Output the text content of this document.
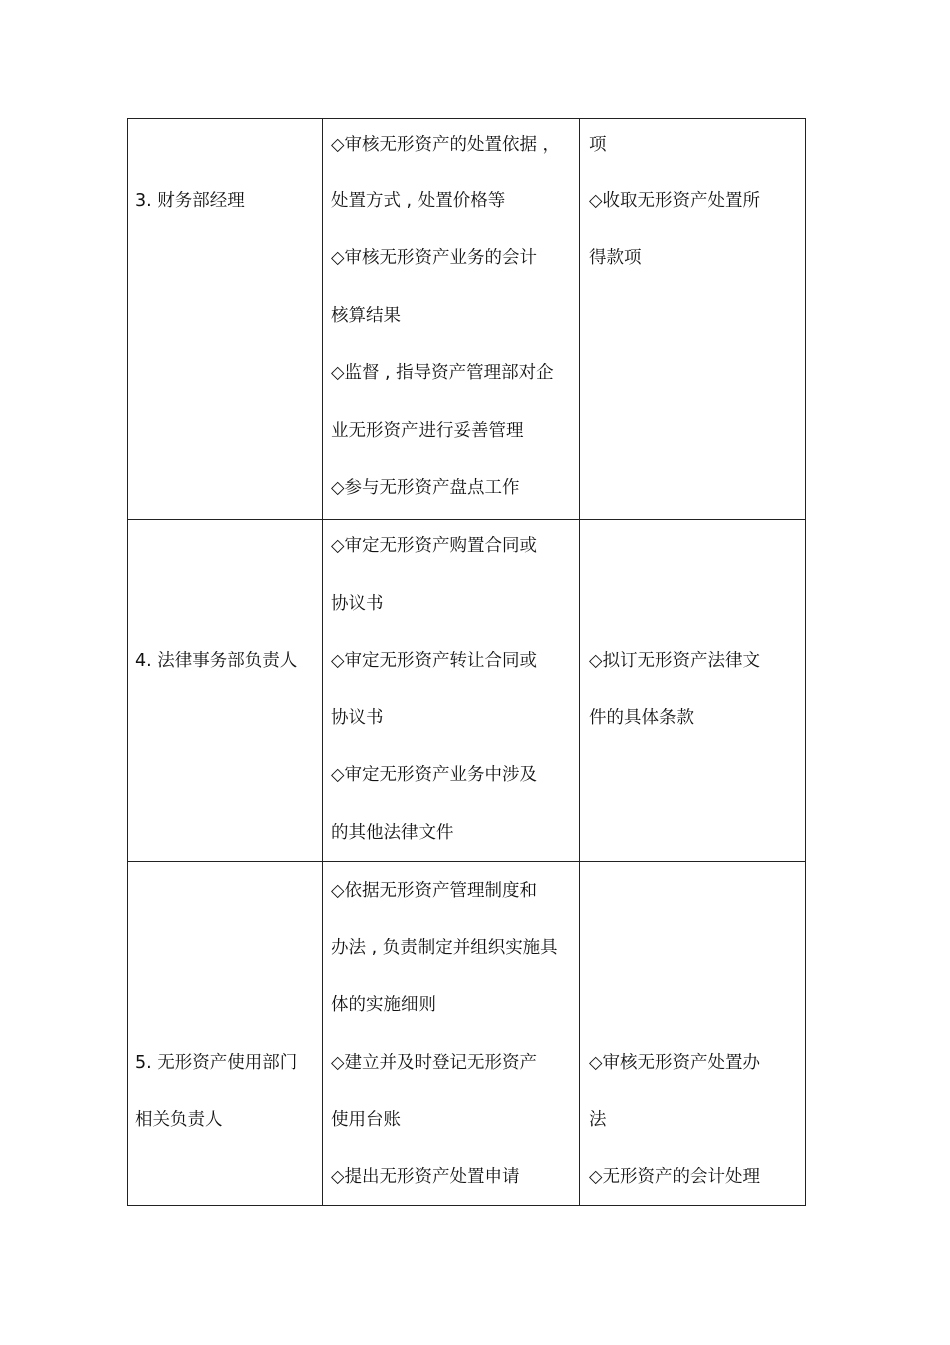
3. 财务部经理
◇审核无形资产的处置依据 ，
处置方式 , 处置价格等
◇审核无形资产业务的会计
核算结果
◇监督 , 指导资产管理部对企
业无形资产进行妥善管理
◇参与无形资产盘点工作
项
◇收取无形资产处置所
得款项
4. 法律事务部负责人
◇审定无形资产购置合同或
协议书
◇审定无形资产转让合同或
协议书
◇审定无形资产业务中涉及
的其他法律文件
◇拟订无形资产法律文
件的具体条款
5. 无形资产使用部门
相关负责人
◇依据无形资产管理制度和
办法 , 负责制定并组织实施具
体的实施细则
◇建立并及时登记无形资产
使用台账
◇提出无形资产处置申请
◇审核无形资产处置办
法
◇无形资产的会计处理
